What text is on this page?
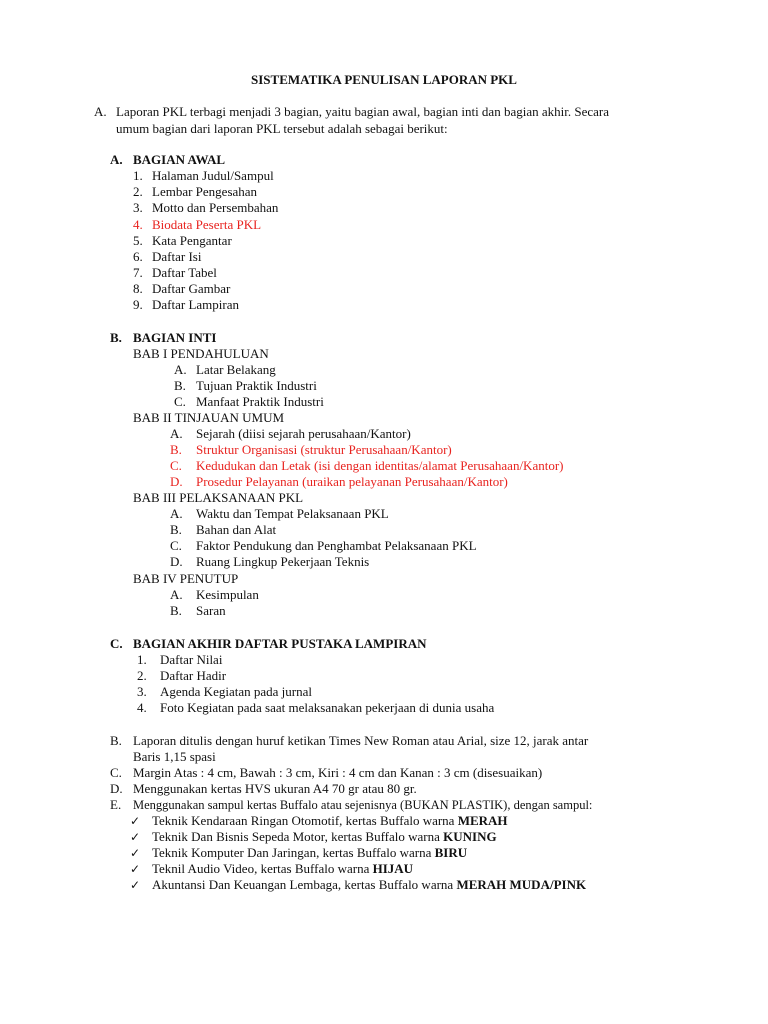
SISTEMATIKA PENULISAN LAPORAN PKL
A. Laporan PKL terbagi menjadi 3 bagian, yaitu bagian awal, bagian inti dan bagian akhir. Secara
umum bagian dari laporan PKL tersebut adalah sebagai berikut:
A. BAGIAN AWAL
1. Halaman Judul/Sampul
2. Lembar Pengesahan
3. Motto dan Persembahan
4. Biodata Peserta PKL
5. Kata Pengantar
6. Daftar Isi
7. Daftar Tabel
8. Daftar Gambar
9. Daftar Lampiran
B. BAGIAN INTI
BAB I PENDAHULUAN
A. Latar Belakang
B. Tujuan Praktik Industri
C. Manfaat Praktik Industri
BAB II TINJAUAN UMUM
A. Sejarah (diisi sejarah perusahaan/Kantor)
B. Struktur Organisasi (struktur Perusahaan/Kantor)
C. Kedudukan dan Letak (isi dengan identitas/alamat Perusahaan/Kantor)
D. Prosedur Pelayanan (uraikan pelayanan Perusahaan/Kantor)
BAB III PELAKSANAAN PKL
A. Waktu dan Tempat Pelaksanaan PKL
B. Bahan dan Alat
C. Faktor Pendukung dan Penghambat Pelaksanaan PKL
D. Ruang Lingkup Pekerjaan Teknis
BAB IV PENUTUP
A. Kesimpulan
B. Saran
C. BAGIAN AKHIR DAFTAR PUSTAKA LAMPIRAN
1. Daftar Nilai
2. Daftar Hadir
3. Agenda Kegiatan pada jurnal
4. Foto Kegiatan pada saat melaksanakan pekerjaan di dunia usaha
B. Laporan ditulis dengan huruf ketikan Times New Roman atau Arial, size 12, jarak antar
Baris 1,15 spasi
C. Margin Atas : 4 cm, Bawah : 3 cm, Kiri : 4 cm dan Kanan : 3 cm (disesuaikan)
D. Menggunakan kertas HVS ukuran A4 70 gr atau 80 gr.
E. Menggunakan sampul kertas Buffalo atau sejenisnya (BUKAN PLASTIK), dengan sampul:
✓ Teknik Kendaraan Ringan Otomotif, kertas Buffalo warna MERAH
✓ Teknik Dan Bisnis Sepeda Motor, kertas Buffalo warna KUNING
✓ Teknik Komputer Dan Jaringan, kertas Buffalo warna BIRU
✓ Teknil Audio Video, kertas Buffalo warna HIJAU
✓ Akuntansi Dan Keuangan Lembaga, kertas Buffalo warna MERAH MUDA/PINK
